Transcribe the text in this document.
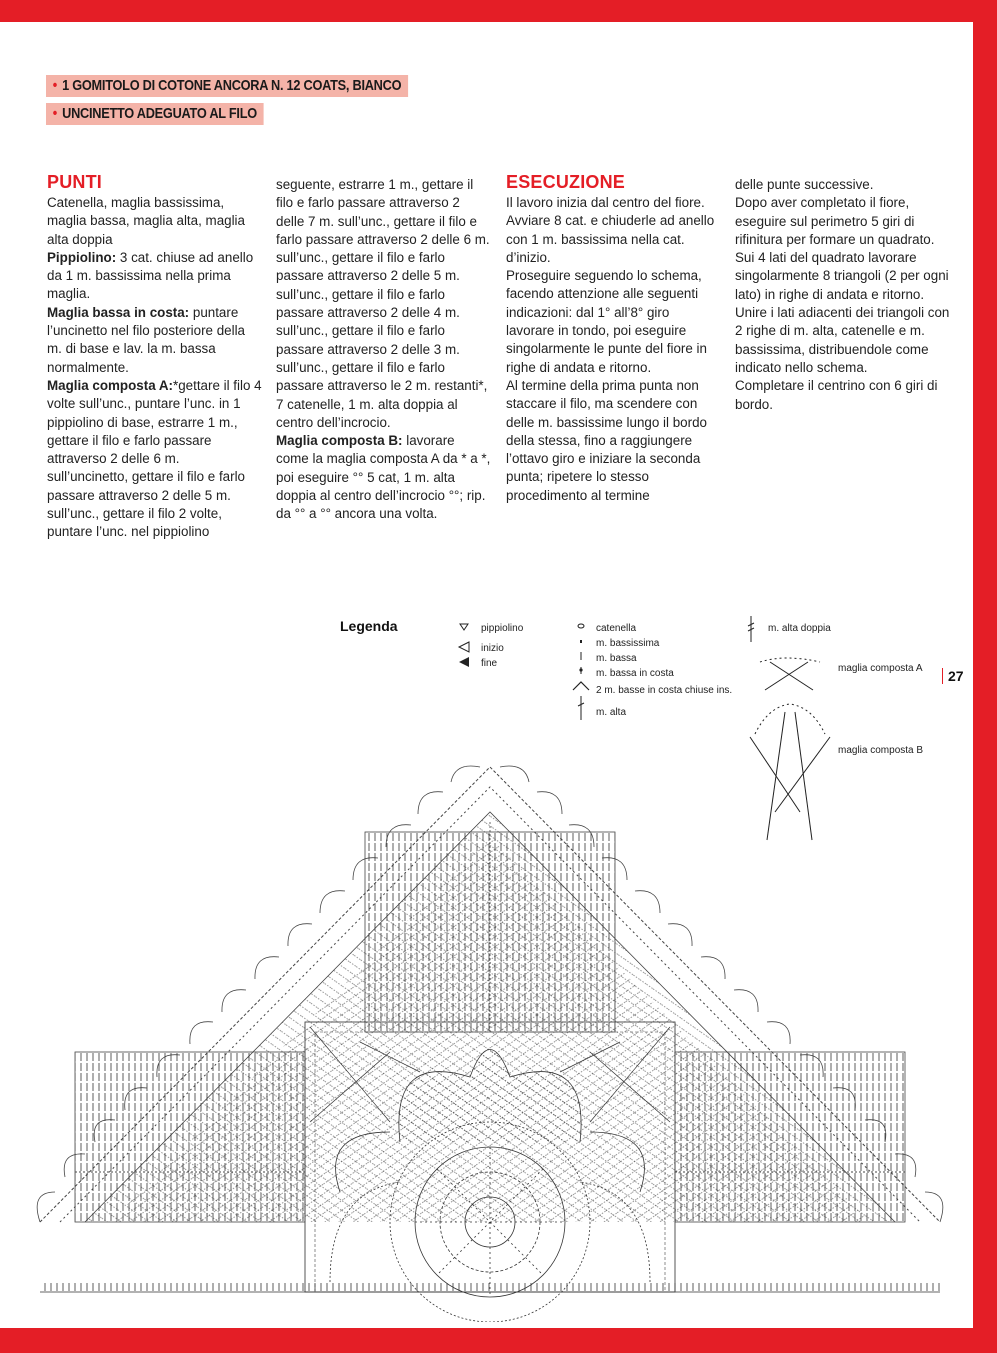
• 1 GOMITOLO DI COTONE ANCORA N. 12 COATS, BIANCO
• UNCINETTO ADEGUATO AL FILO
PUNTI

Catenella, maglia bassissima, maglia bassa, maglia alta, maglia alta doppia

Pippiolino: 3 cat. chiuse ad anello da 1 m. bassissima nella prima maglia.

Maglia bassa in costa: puntare l’uncinetto nel filo posteriore della m. di base e lav. la m. bassa normalmente.

Maglia composta A:*gettare il filo 4 volte sull’unc., puntare l’unc. in 1 pippiolino di base, estrarre 1 m., gettare il filo e farlo passare attraverso 2 delle 6 m. sull’uncinetto, gettare il filo e farlo passare attraverso 2 delle 5 m. sull’unc., gettare il filo 2 volte, puntare l’unc. nel pippiolino

seguente, estrarre 1 m., gettare il filo e farlo passare attraverso 2 delle 7 m. sull’unc., gettare il filo e farlo passare attraverso 2 delle 6 m. sull’unc., gettare il filo e farlo passare attraverso 2 delle 5 m. sull’unc., gettare il filo e farlo passare attraverso 2 delle 4 m. sull’unc., gettare il filo e farlo passare attraverso 2 delle 3 m. sull’unc., gettare il filo e farlo passare attraverso le 2 m. restanti*, 7 catenelle, 1 m. alta doppia al centro dell’incrocio.

Maglia composta B: lavorare come la maglia composta A da * a *, poi eseguire °° 5 cat, 1 m. alta doppia al centro dell’incrocio °°; rip. da °° a °° ancora una volta.

ESECUZIONE

Il lavoro inizia dal centro del fiore. Avviare 8 cat. e chiuderle ad anello con 1 m. bassissima nella cat. d’inizio.

Proseguire seguendo lo schema, facendo attenzione alle seguenti indicazioni: dal 1° all’8° giro lavorare in tondo, poi eseguire singolarmente le punte del fiore in righe di andata e ritorno.

Al termine della prima punta non staccare il filo, ma scendere con delle m. bassissime lungo il bordo della stessa, fino a raggiungere l’ottavo giro e iniziare la seconda punta; ripetere lo stesso procedimento al termine

delle punte successive.

Dopo aver completato il fiore, eseguire sul perimetro 5 giri di rifinitura per formare un quadrato.

Sui 4 lati del quadrato lavorare singolarmente 8 triangoli (2 per ogni lato) in righe di andata e ritorno.

Unire i lati adiacenti dei triangoli con 2 righe di m. alta, catenelle e m. bassissima, distribuendole come indicato nello schema.

Completare il centrino con 6 giri di bordo.

Legenda	pippiolino
inizio
fine
catenella
m. bassissima
m. bassa
m. bassa in costa
2 m. basse in costa chiuse ins.
m. alta
m. alta doppia
maglia composta A
maglia composta B
27
